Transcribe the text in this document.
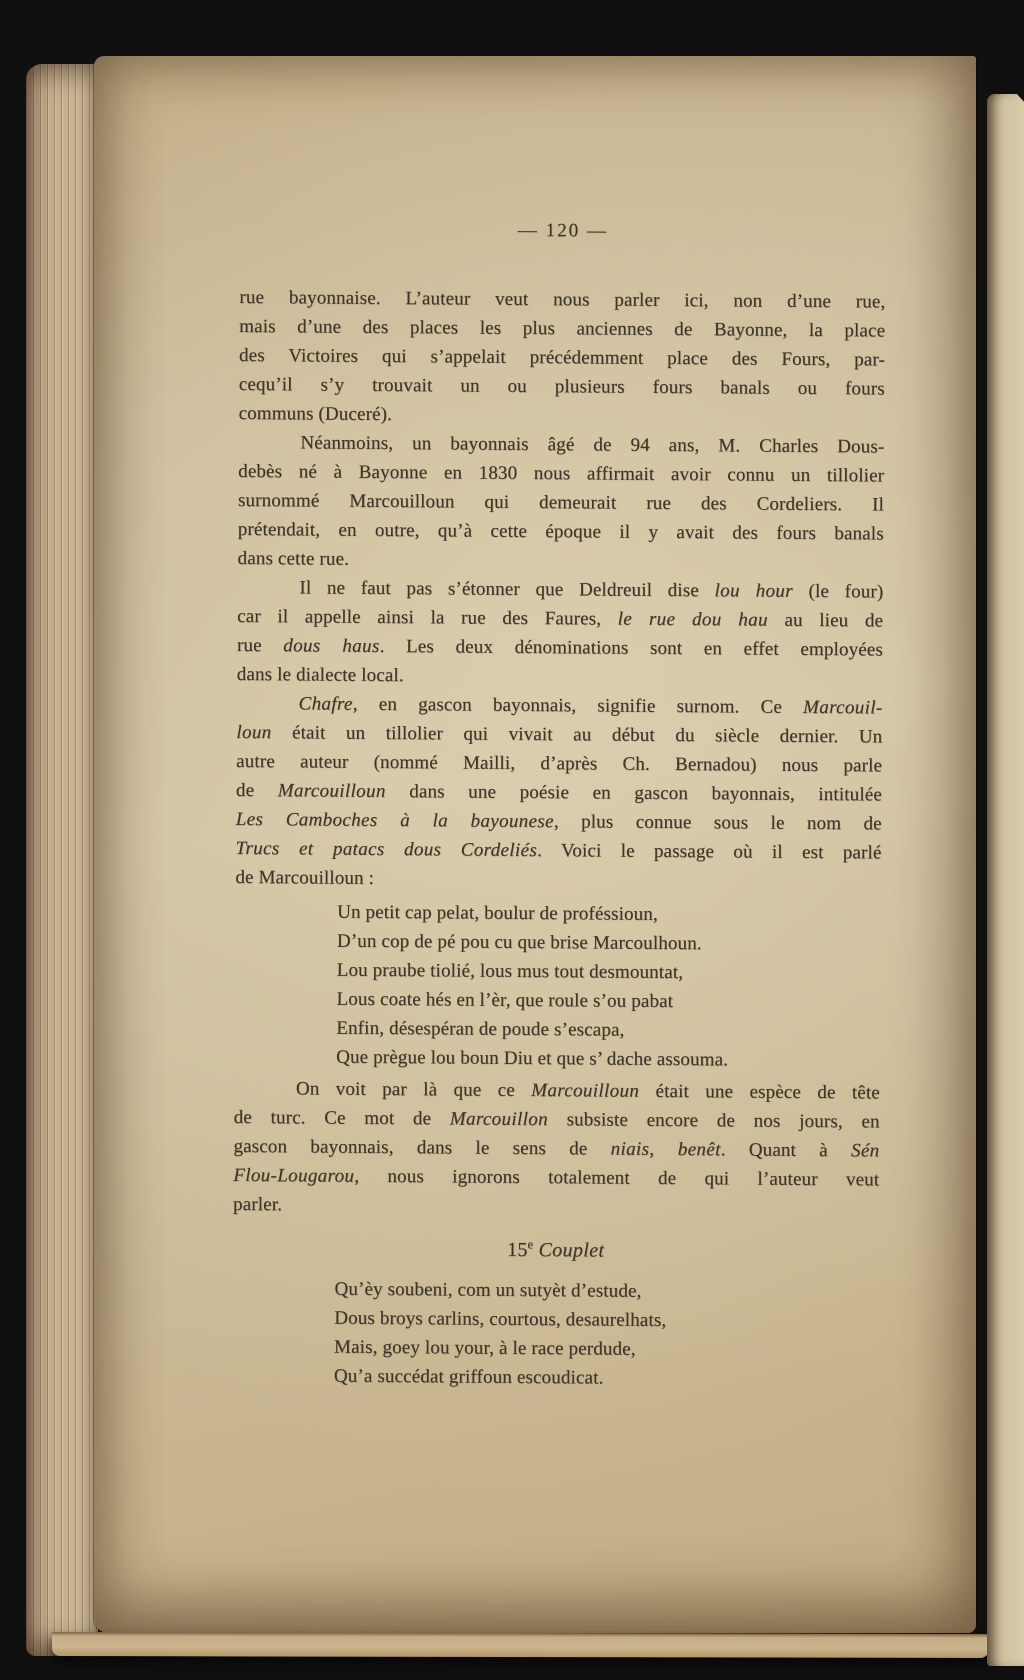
— 120 —
rue bayonnaise. L’auteur veut nous parler ici, non d’une rue,
mais d’une des places les plus anciennes de Bayonne, la place
des Victoires qui s’appelait précédemment place des Fours, par-
cequ’il s’y trouvait un ou plusieurs fours banals ou fours
communs (Duceré).
Néanmoins, un bayonnais âgé de 94 ans, M. Charles Dous-
debès né à Bayonne en 1830 nous affirmait avoir connu un tillolier
surnommé Marcouilloun qui demeurait rue des Cordeliers. Il
prétendait, en outre, qu’à cette époque il y avait des fours banals
dans cette rue.
Il ne faut pas s’étonner que Deldreuil dise lou hour (le four)
car il appelle ainsi la rue des Faures, le rue dou hau au lieu de
rue dous haus. Les deux dénominations sont en effet employées
dans le dialecte local.
Chafre, en gascon bayonnais, signifie surnom. Ce Marcouil-
loun était un tillolier qui vivait au début du siècle dernier. Un
autre auteur (nommé Mailli, d’après Ch. Bernadou) nous parle
de Marcouilloun dans une poésie en gascon bayonnais, intitulée
Les Camboches à la bayounese, plus connue sous le nom de
Trucs et patacs dous Cordeliés. Voici le passage où il est parlé
de Marcouilloun :
Un petit cap pelat, boulur de proféssioun,
D’un cop de pé pou cu que brise Marcoulhoun.
Lou praube tiolié, lous mus tout desmountat,
Lous coate hés en l’èr, que roule s’ou pabat
Enfin, désespéran de poude s’escapa,
Que prègue lou boun Diu et que s’ dache assouma.
On voit par là que ce Marcouilloun était une espèce de tête
de turc. Ce mot de Marcouillon subsiste encore de nos jours, en
gascon bayonnais, dans le sens de niais, benêt. Quant à Sén
Flou-Lougarou, nous ignorons totalement de qui l’auteur veut
parler.
15e Couplet
Qu’èy soubeni, com un sutyèt d’estude,
Dous broys carlins, courtous, desaurelhats,
Mais, goey lou your, à le race perdude,
Qu’a succédat griffoun escoudicat.
